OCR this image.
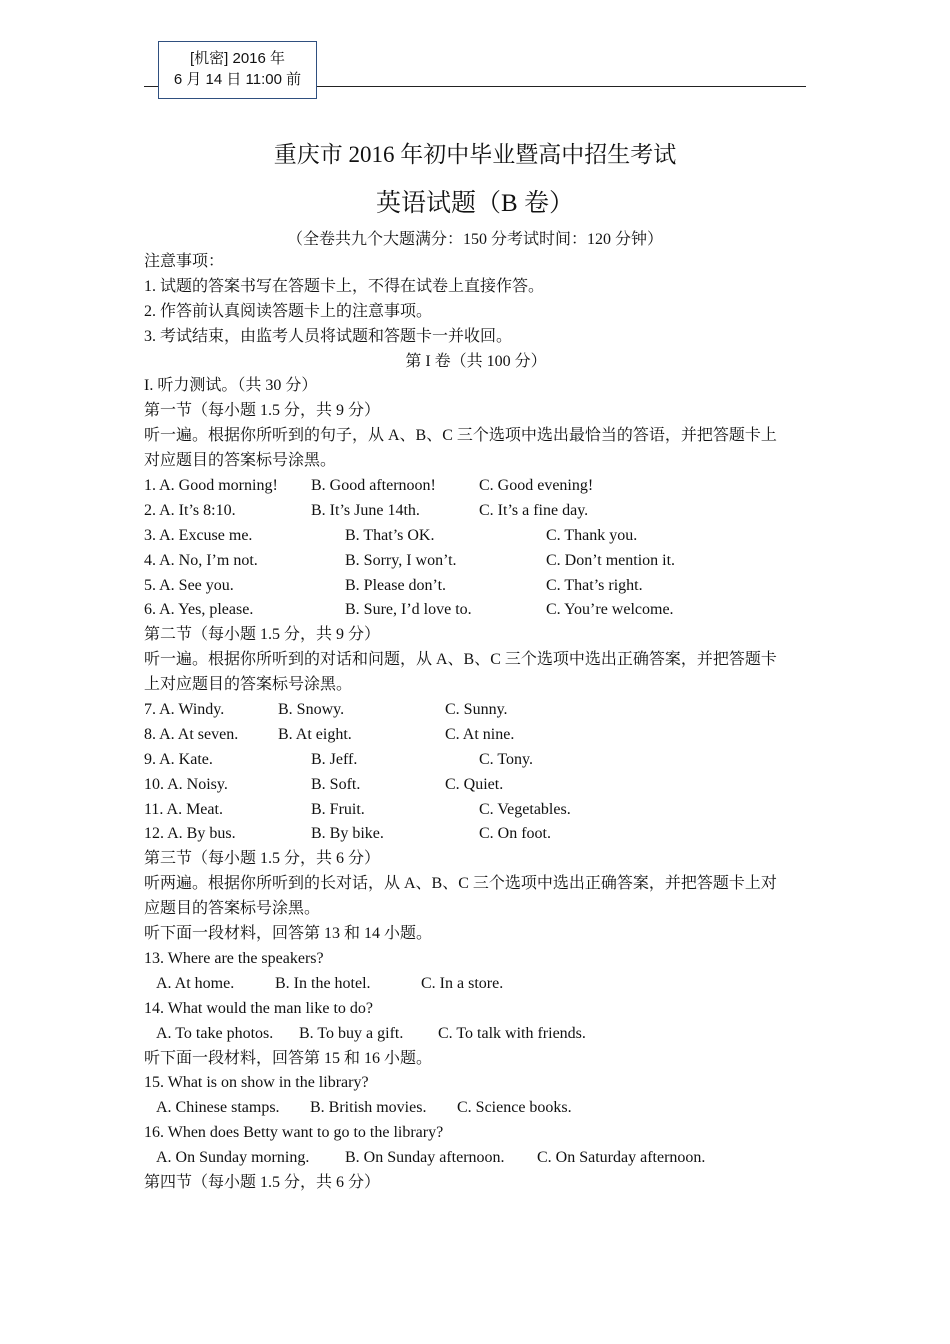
[机密] 2016 年
6 月 14 日 11:00 前
重庆市 2016 年初中毕业暨高中招生考试
英语试题（B 卷）
（全卷共九个大题满分：150 分考试时间：120 分钟）
注意事项：
1. 试题的答案书写在答题卡上，不得在试卷上直接作答。
2. 作答前认真阅读答题卡上的注意事项。
3. 考试结束，由监考人员将试题和答题卡一并收回。
第 I 卷（共 100 分）
I. 听力测试。（共 30 分）
第一节（每小题 1.5 分，共 9 分）
听一遍。根据你所听到的句子，从 A、B、C 三个选项中选出最恰当的答语，并把答题卡上
对应题目的答案标号涂黑。
1. A. Good morning! B. Good afternoon!	C. Good evening!
2. A. It’s 8:10.	B. It’s June 14th.	C. It’s a fine day.
3. A. Excuse me.	B. That’s OK.	C. Thank you.
4. A. No, I’m not.	B. Sorry, I won’t.	C. Don’t mention it.
5. A. See you.	B. Please don’t.	C. That’s right.
6. A. Yes, please.	B. Sure, I’d love to.	C. You’re welcome.
第二节（每小题 1.5 分，共 9 分）
听一遍。根据你所听到的对话和问题，从 A、B、C 三个选项中选出正确答案，并把答题卡
上对应题目的答案标号涂黑。
7. A. Windy.	B. Snowy.	C. Sunny.
8. A. At seven. B. At eight.	C. At nine.
9. A. Kate.	B. Jeff.	C. Tony.
10. A. Noisy.	B. Soft.	C. Quiet.
11. A. Meat.	B. Fruit.	C. Vegetables.
12. A. By bus.	B. By bike.	C. On foot.
第三节（每小题 1.5 分，共 6 分）
听两遍。根据你所听到的长对话，从 A、B、C 三个选项中选出正确答案，并把答题卡上对
应题目的答案标号涂黑。
听下面一段材料，回答第 13 和 14 小题。
13. Where are the speakers?
A. At home.	B. In the hotel.	C. In a store.
14. What would the man like to do?
A. To take photos. B. To buy a gift. C. To talk with friends.
听下面一段材料，回答第 15 和 16 小题。
15. What is on show in the library?
A. Chinese stamps. B. British movies. C. Science books.
16. When does Betty want to go to the library?
A. On Sunday morning. B. On Sunday afternoon. C. On Saturday afternoon.
第四节（每小题 1.5 分，共 6 分）
